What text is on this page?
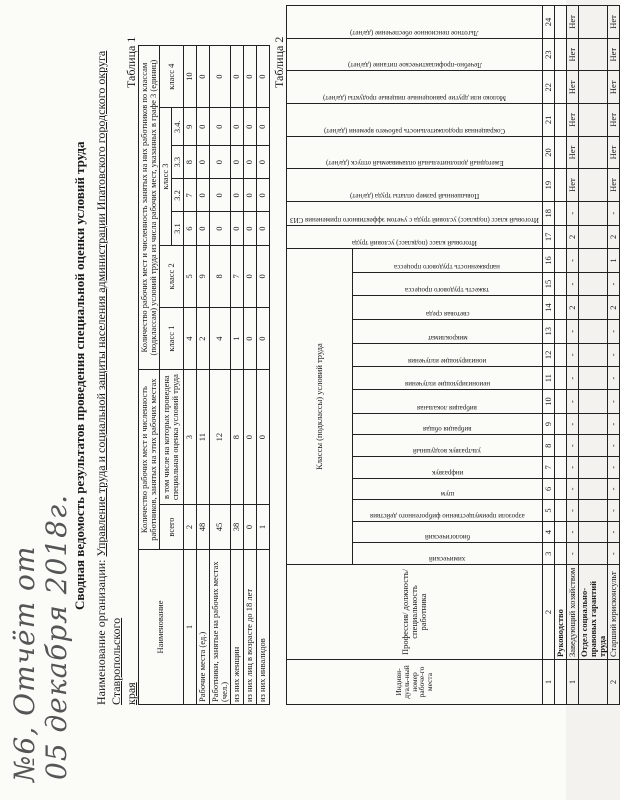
№6, Отчёт от 05 декабря 2018г.
Сводная ведомость результатов проведения специальной оценки условий труда
Наименование организации: Управление труда и социальной защиты населения администрации Ипатовского городского округа Ставропольского
края
Таблица 1
Наименование	Количество рабочих мест и численность работников, занятых на этих рабочих местах		Количество рабочих мест и численность занятых на них работников по классам (подклассам) условий труда из числа рабочих мест, указанных в графе 3 (единиц)						
	всего	в том числе на которых проведена специальная оценка условий труда	класс 1	класс 2	класс 3				класс 4
					3.1	3.2	3.3	3.4.	
1	2	3	4	5	6	7	8	9	10
Рабочие места (ед.)	48	11	2	9	0	0	0	0	0
Работники, занятые на рабочих местах (чел.)	45	12	4	8	0	0	0	0	0
из них женщин	38	8	1	7	0	0	0	0	0
из них лиц в возрасте до 18 лет	0	0	0	0	0	0	0	0	0
из них инвалидов	1	0	0	0	0	0	0	0	0 Таблица 2
Индиви-дуаль-ный номер рабоче-го места	Профессия/ должность/ специальность работника	Классы (подклассы) условий труда														Итоговый класс (подкласс) условий труда	Итоговый класс (подкласс) условий труда с учетом эффективного применения СИЗ	Повышенный размер оплаты труда (да/нет)	Ежегодный дополнительный оплачиваемый отпуск (да/нет)	Сокращенная продолжительность рабочего времени (да/нет)	Молоко или другие равноценные пищевые продукты (да/нет)	Лечебно-профилактическое питание (да/нет)	Льготное пенсионное обеспечение (да/нет)

		химический	биологический	аэрозоли преимущественно фиброгенного действия	шум	инфразвук	ультразвук воздушный	вибрация общая	вибрация локальная	неионизирующие излучения	ионизирующие излучения	микроклимат	световая среда	тяжесть трудового процесса	напряженность трудового процесса								

1	2	3	4	5	6	7	8	9	10	11	12	13	14	15	16	17	18	19	20	21	22	23	24
	Руководство																						
1	Заведующий хозяйством	-	-	-	-	-	-	-	-	-	-	-	2	-	-	2	-	Нет	Нет	Нет	Нет	Нет	Нет
	Отдел социально-правовых гарантий труда																						
2	Старший юрисконсульт	-	-	-	-	-	-	-	-	-	-	-	2	-	1	2	-	Нет	Нет	Нет	Нет	Нет	Нет
